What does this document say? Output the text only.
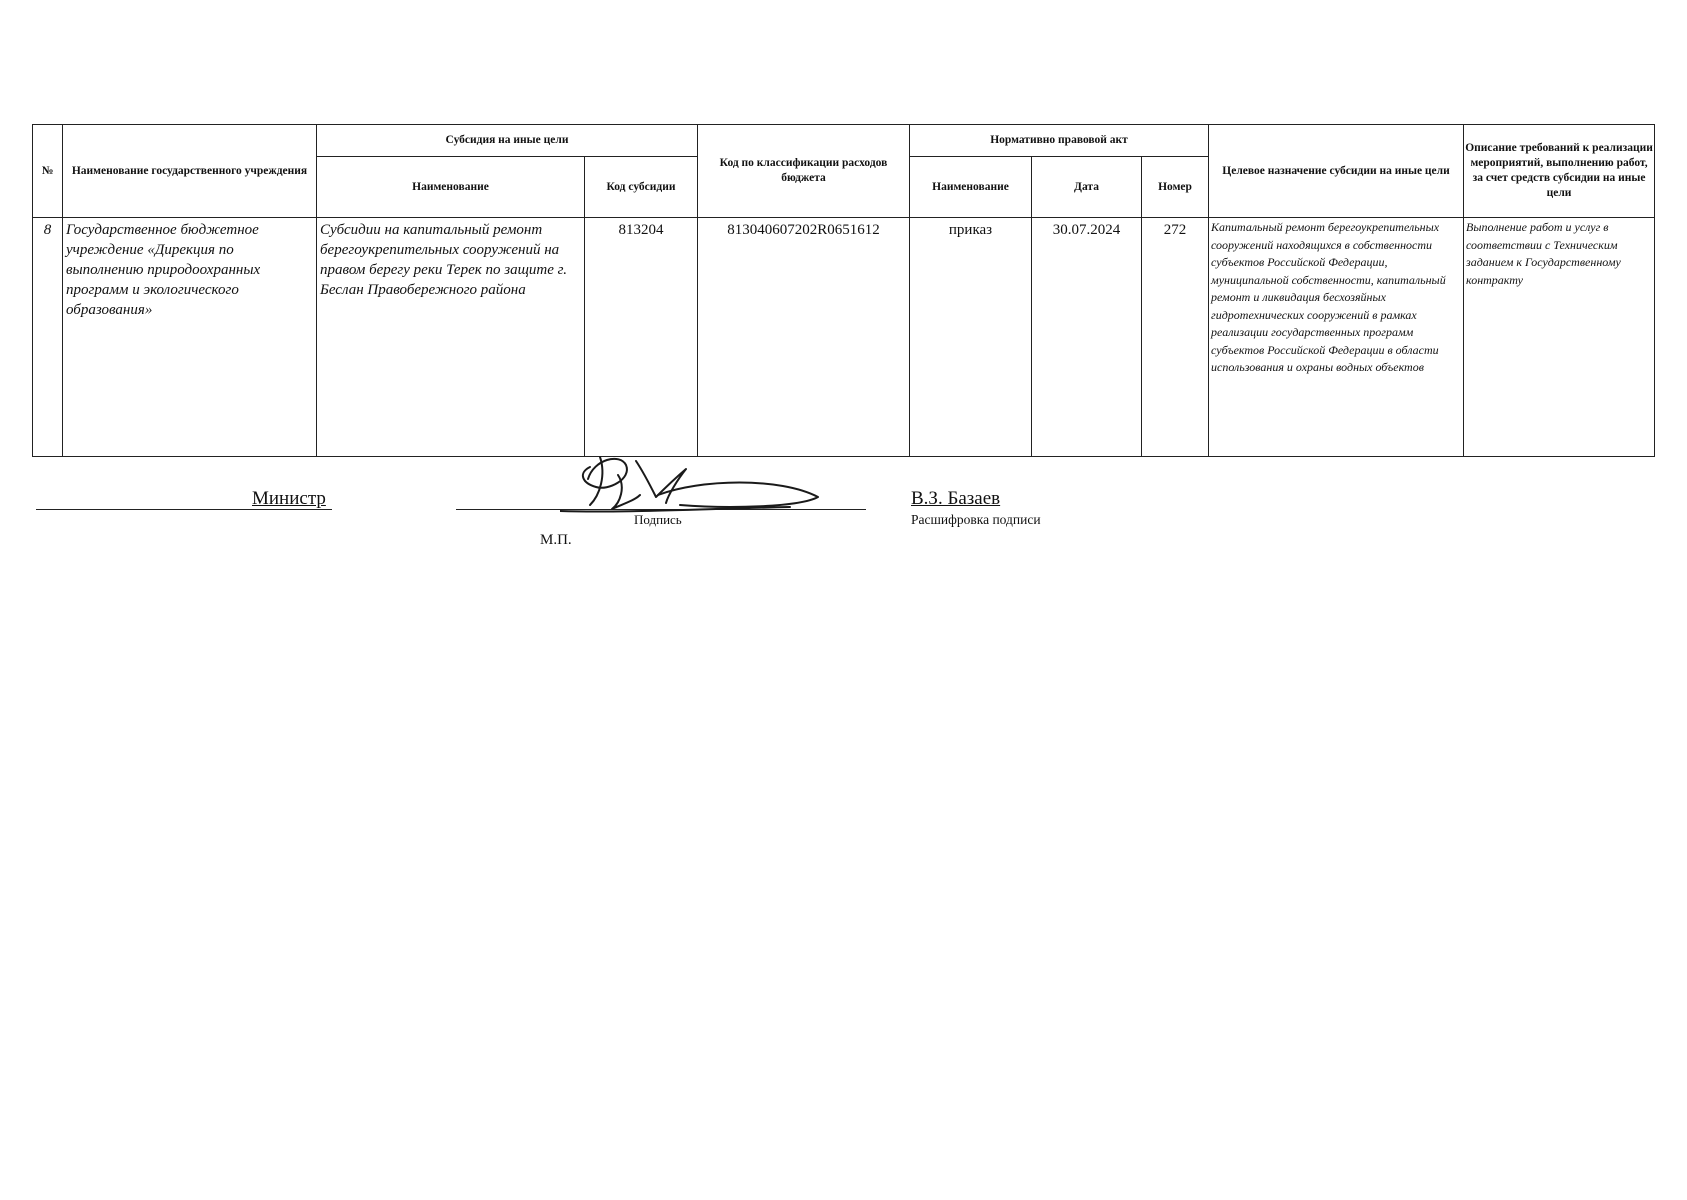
№	Наименование государственного учреждения	Субсидия на иные цели		Код по классификации расходов бюджета	Нормативно правовой акт			Целевое назначение субсидии на иные цели	Описание требований к реализации мероприятий, выполнению работ, за счет средств субсидии на иные цели
		Наименование	Код субсидии		Наименование	Дата	Номер		
8	Государственное бюджетное учреждение «Дирекция по выполнению природоохранных программ и экологического образования»	Субсидии на капитальный ремонт берегоукрепительных сооружений на правом берегу реки Терек по защите г. Беслан Правобережного района	813204	81304060720​2R0651612	приказ	30.07.2024	272	Капитальный ремонт берегоукрепительных сооружений находящихся в собственности субъектов Российской Федерации, муниципальной собственности, капитальный ремонт и ликвидация бесхозяйных гидротехнических сооружений в рамках реализации государственных программ субъектов Российской Федерации в области использования и охраны водных объектов	Выполнение работ и услуг в соответствии с Техническим заданием к Государственному контракту
Министр
Подпись
М.П.
В.З. Базаев
Расшифровка подписи
